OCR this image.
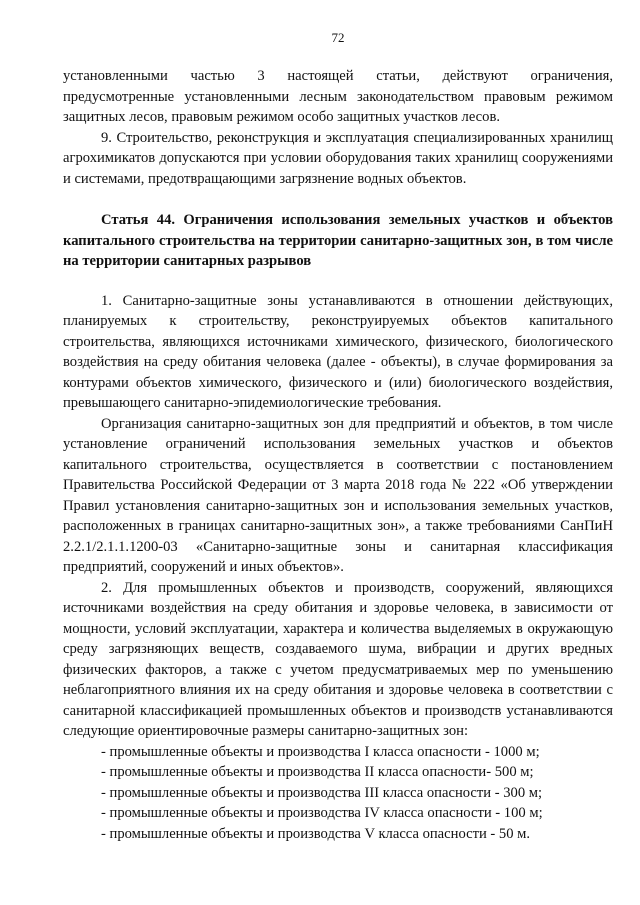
72

установленными частью 3 настоящей статьи, действуют ограничения, предусмотренные установленными лесным законодательством правовым режимом защитных лесов, правовым режимом особо защитных участков лесов.

9. Строительство, реконструкция и эксплуатация специализированных хранилищ агрохимикатов допускаются при условии оборудования таких хранилищ сооружениями и системами, предотвращающими загрязнение водных объектов.

Статья 44. Ограничения использования земельных участков и объектов капитального строительства на территории санитарно-защитных зон, в том числе на территории санитарных разрывов

1. Санитарно-защитные зоны устанавливаются в отношении действующих, планируемых к строительству, реконструируемых объектов капитального строительства, являющихся источниками химического, физического, биологического воздействия на среду обитания человека (далее - объекты), в случае формирования за контурами объектов химического, физического и (или) биологического воздействия, превышающего санитарно-эпидемиологические требования.

Организация санитарно-защитных зон для предприятий и объектов, в том числе установление ограничений использования земельных участков и объектов капитального строительства, осуществляется в соответствии с постановлением Правительства Российской Федерации от 3 марта 2018 года № 222 «Об утверждении Правил установления санитарно-защитных зон и использования земельных участков, расположенных в границах санитарно-защитных зон», а также требованиями СанПиН 2.2.1/2.1.1.1200-03 «Санитарно-защитные зоны и санитарная классификация предприятий, сооружений и иных объектов».

2. Для промышленных объектов и производств, сооружений, являющихся источниками воздействия на среду обитания и здоровье человека, в зависимости от мощности, условий эксплуатации, характера и количества выделяемых в окружающую среду загрязняющих веществ, создаваемого шума, вибрации и других вредных физических факторов, а также с учетом предусматриваемых мер по уменьшению неблагоприятного влияния их на среду обитания и здоровье человека в соответствии с санитарной классификацией промышленных объектов и производств устанавливаются следующие ориентировочные размеры санитарно-защитных зон:

- промышленные объекты и производства I класса опасности - 1000 м;
- промышленные объекты и производства II класса опасности- 500 м;
- промышленные объекты и производства III класса опасности - 300 м;
- промышленные объекты и производства IV класса опасности - 100 м;
- промышленные объекты и производства V класса опасности - 50 м.
